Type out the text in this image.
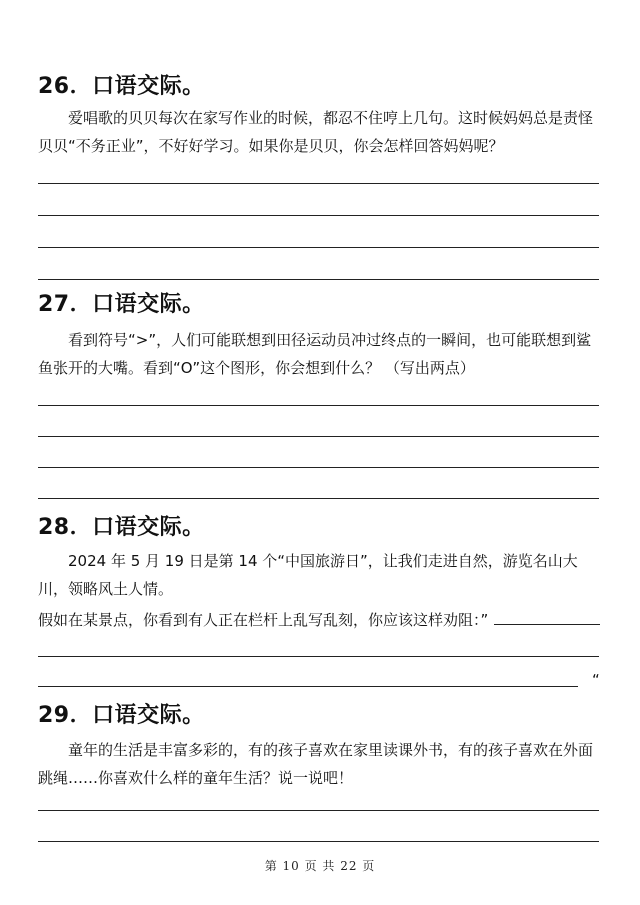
26．口语交际。

爱唱歌的贝贝每次在家写作业的时候，都忍不住哼上几句。这时候妈妈总是责怪贝贝“不务正业”，不好好学习。如果你是贝贝，你会怎样回答妈妈呢？

27．口语交际。

看到符号“>”，人们可能联想到田径运动员冲过终点的一瞬间，也可能联想到鲨鱼张开的大嘴。看到“O”这个图形，你会想到什么？ （写出两点）

28．口语交际。

2024 年 5 月 19 日是第 14 个“中国旅游日”，让我们走进自然，游览名山大川，领略风土人情。

假如在某景点，你看到有人正在栏杆上乱写乱刻，你应该这样劝阻：”

“
29．口语交际。

童年的生活是丰富多彩的，有的孩子喜欢在家里读课外书，有的孩子喜欢在外面跳绳……你喜欢什么样的童年生活？说一说吧！

第 10 页 共 22 页
